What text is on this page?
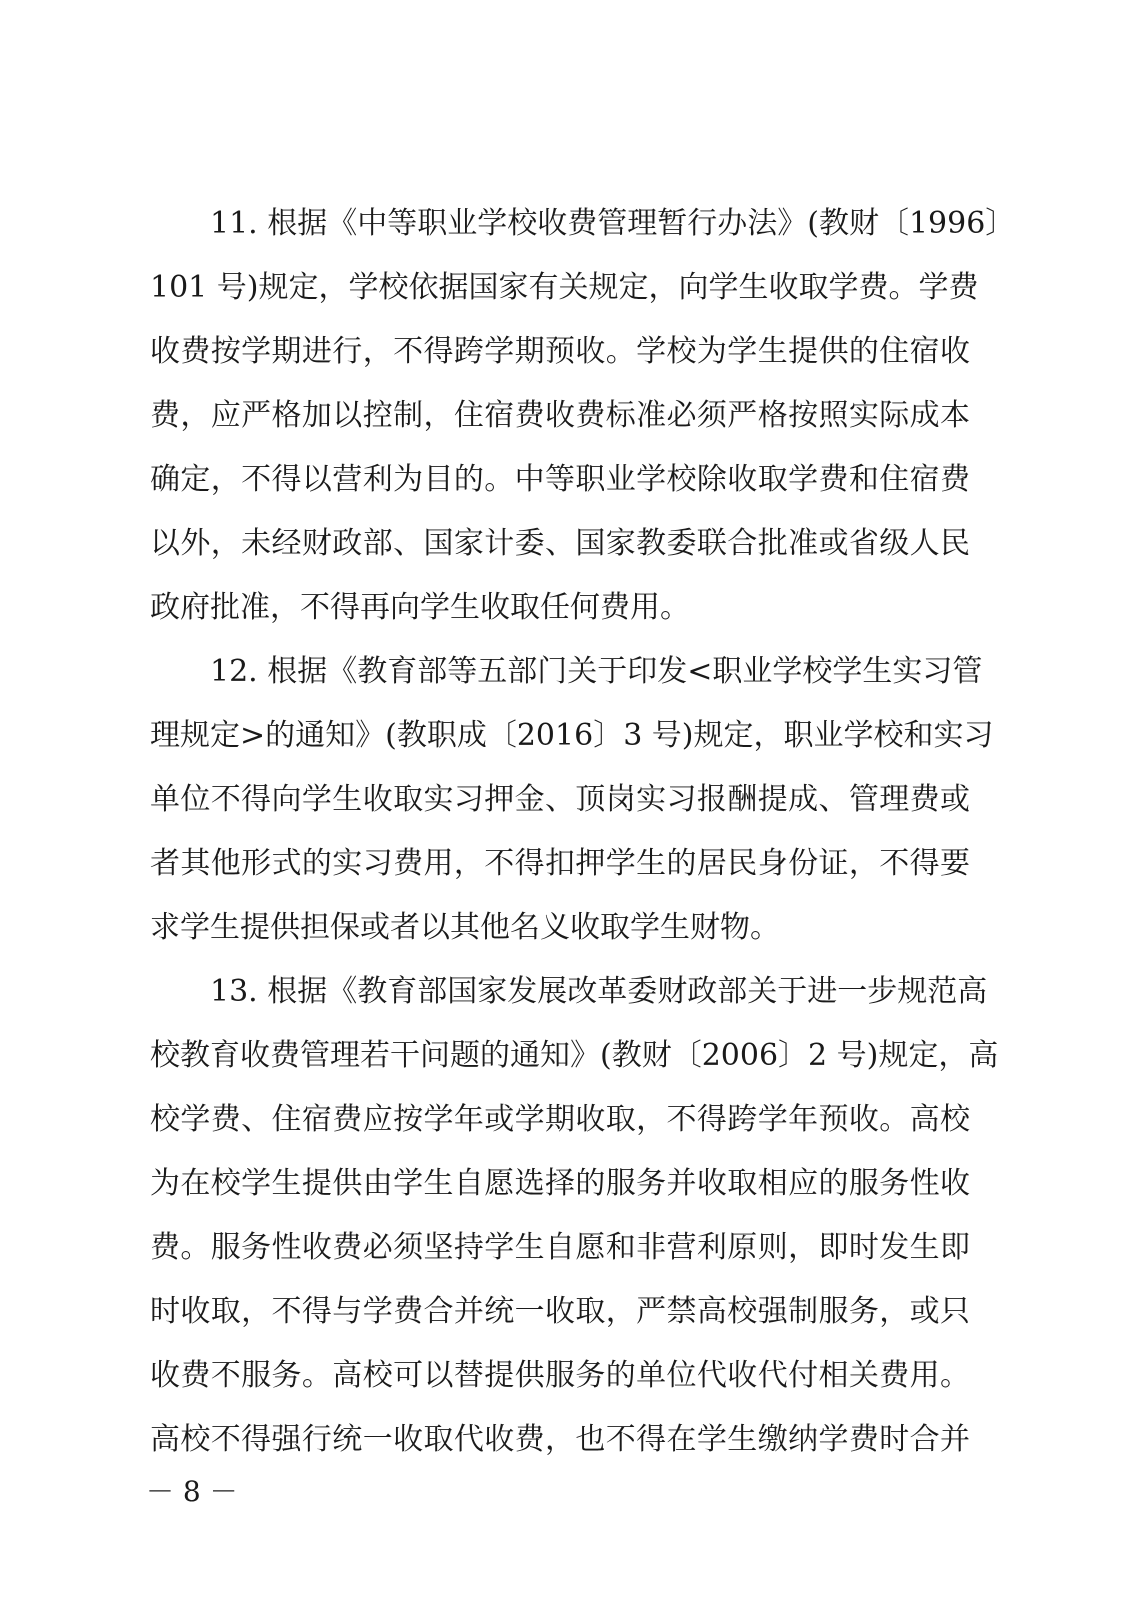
11. 根据《中等职业学校收费管理暂行办法》(教财〔1996〕
101 号)规定，学校依据国家有关规定，向学生收取学费。学费
收费按学期进行，不得跨学期预收。学校为学生提供的住宿收
费，应严格加以控制，住宿费收费标准必须严格按照实际成本
确定，不得以营利为目的。中等职业学校除收取学费和住宿费
以外，未经财政部、国家计委、国家教委联合批准或省级人民
政府批准，不得再向学生收取任何费用。
12. 根据《教育部等五部门关于印发<职业学校学生实习管
理规定>的通知》(教职成〔2016〕3 号)规定，职业学校和实习
单位不得向学生收取实习押金、顶岗实习报酬提成、管理费或
者其他形式的实习费用，不得扣押学生的居民身份证，不得要
求学生提供担保或者以其他名义收取学生财物。
13. 根据《教育部国家发展改革委财政部关于进一步规范高
校教育收费管理若干问题的通知》(教财〔2006〕2 号)规定，高
校学费、住宿费应按学年或学期收取，不得跨学年预收。高校
为在校学生提供由学生自愿选择的服务并收取相应的服务性收
费。服务性收费必须坚持学生自愿和非营利原则，即时发生即
时收取，不得与学费合并统一收取，严禁高校强制服务，或只
收费不服务。高校可以替提供服务的单位代收代付相关费用。
高校不得强行统一收取代收费，也不得在学生缴纳学费时合并
－ 8 －
